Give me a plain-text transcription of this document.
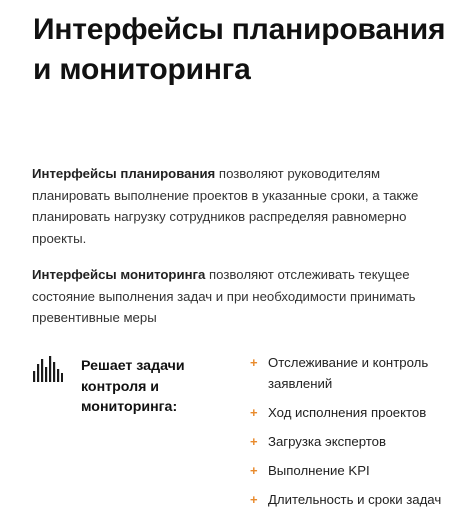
Интерфейсы планирования и мониторинга

Интерфейсы планирования позволяют руководителям планировать выполнение проектов в указанные сроки, а также планировать нагрузку сотрудников распределяя равномерно проекты.

Интерфейсы мониторинга позволяют отслеживать текущее состояние выполнения задач и при необходимости принимать превентивные меры

Решает задачи контроля и мониторинга:
+ Отслеживание и контроль заявлений
+ Ход исполнения проектов
+ Загрузка экспертов
+ Выполнение KPI
+ Длительность и сроки задач
